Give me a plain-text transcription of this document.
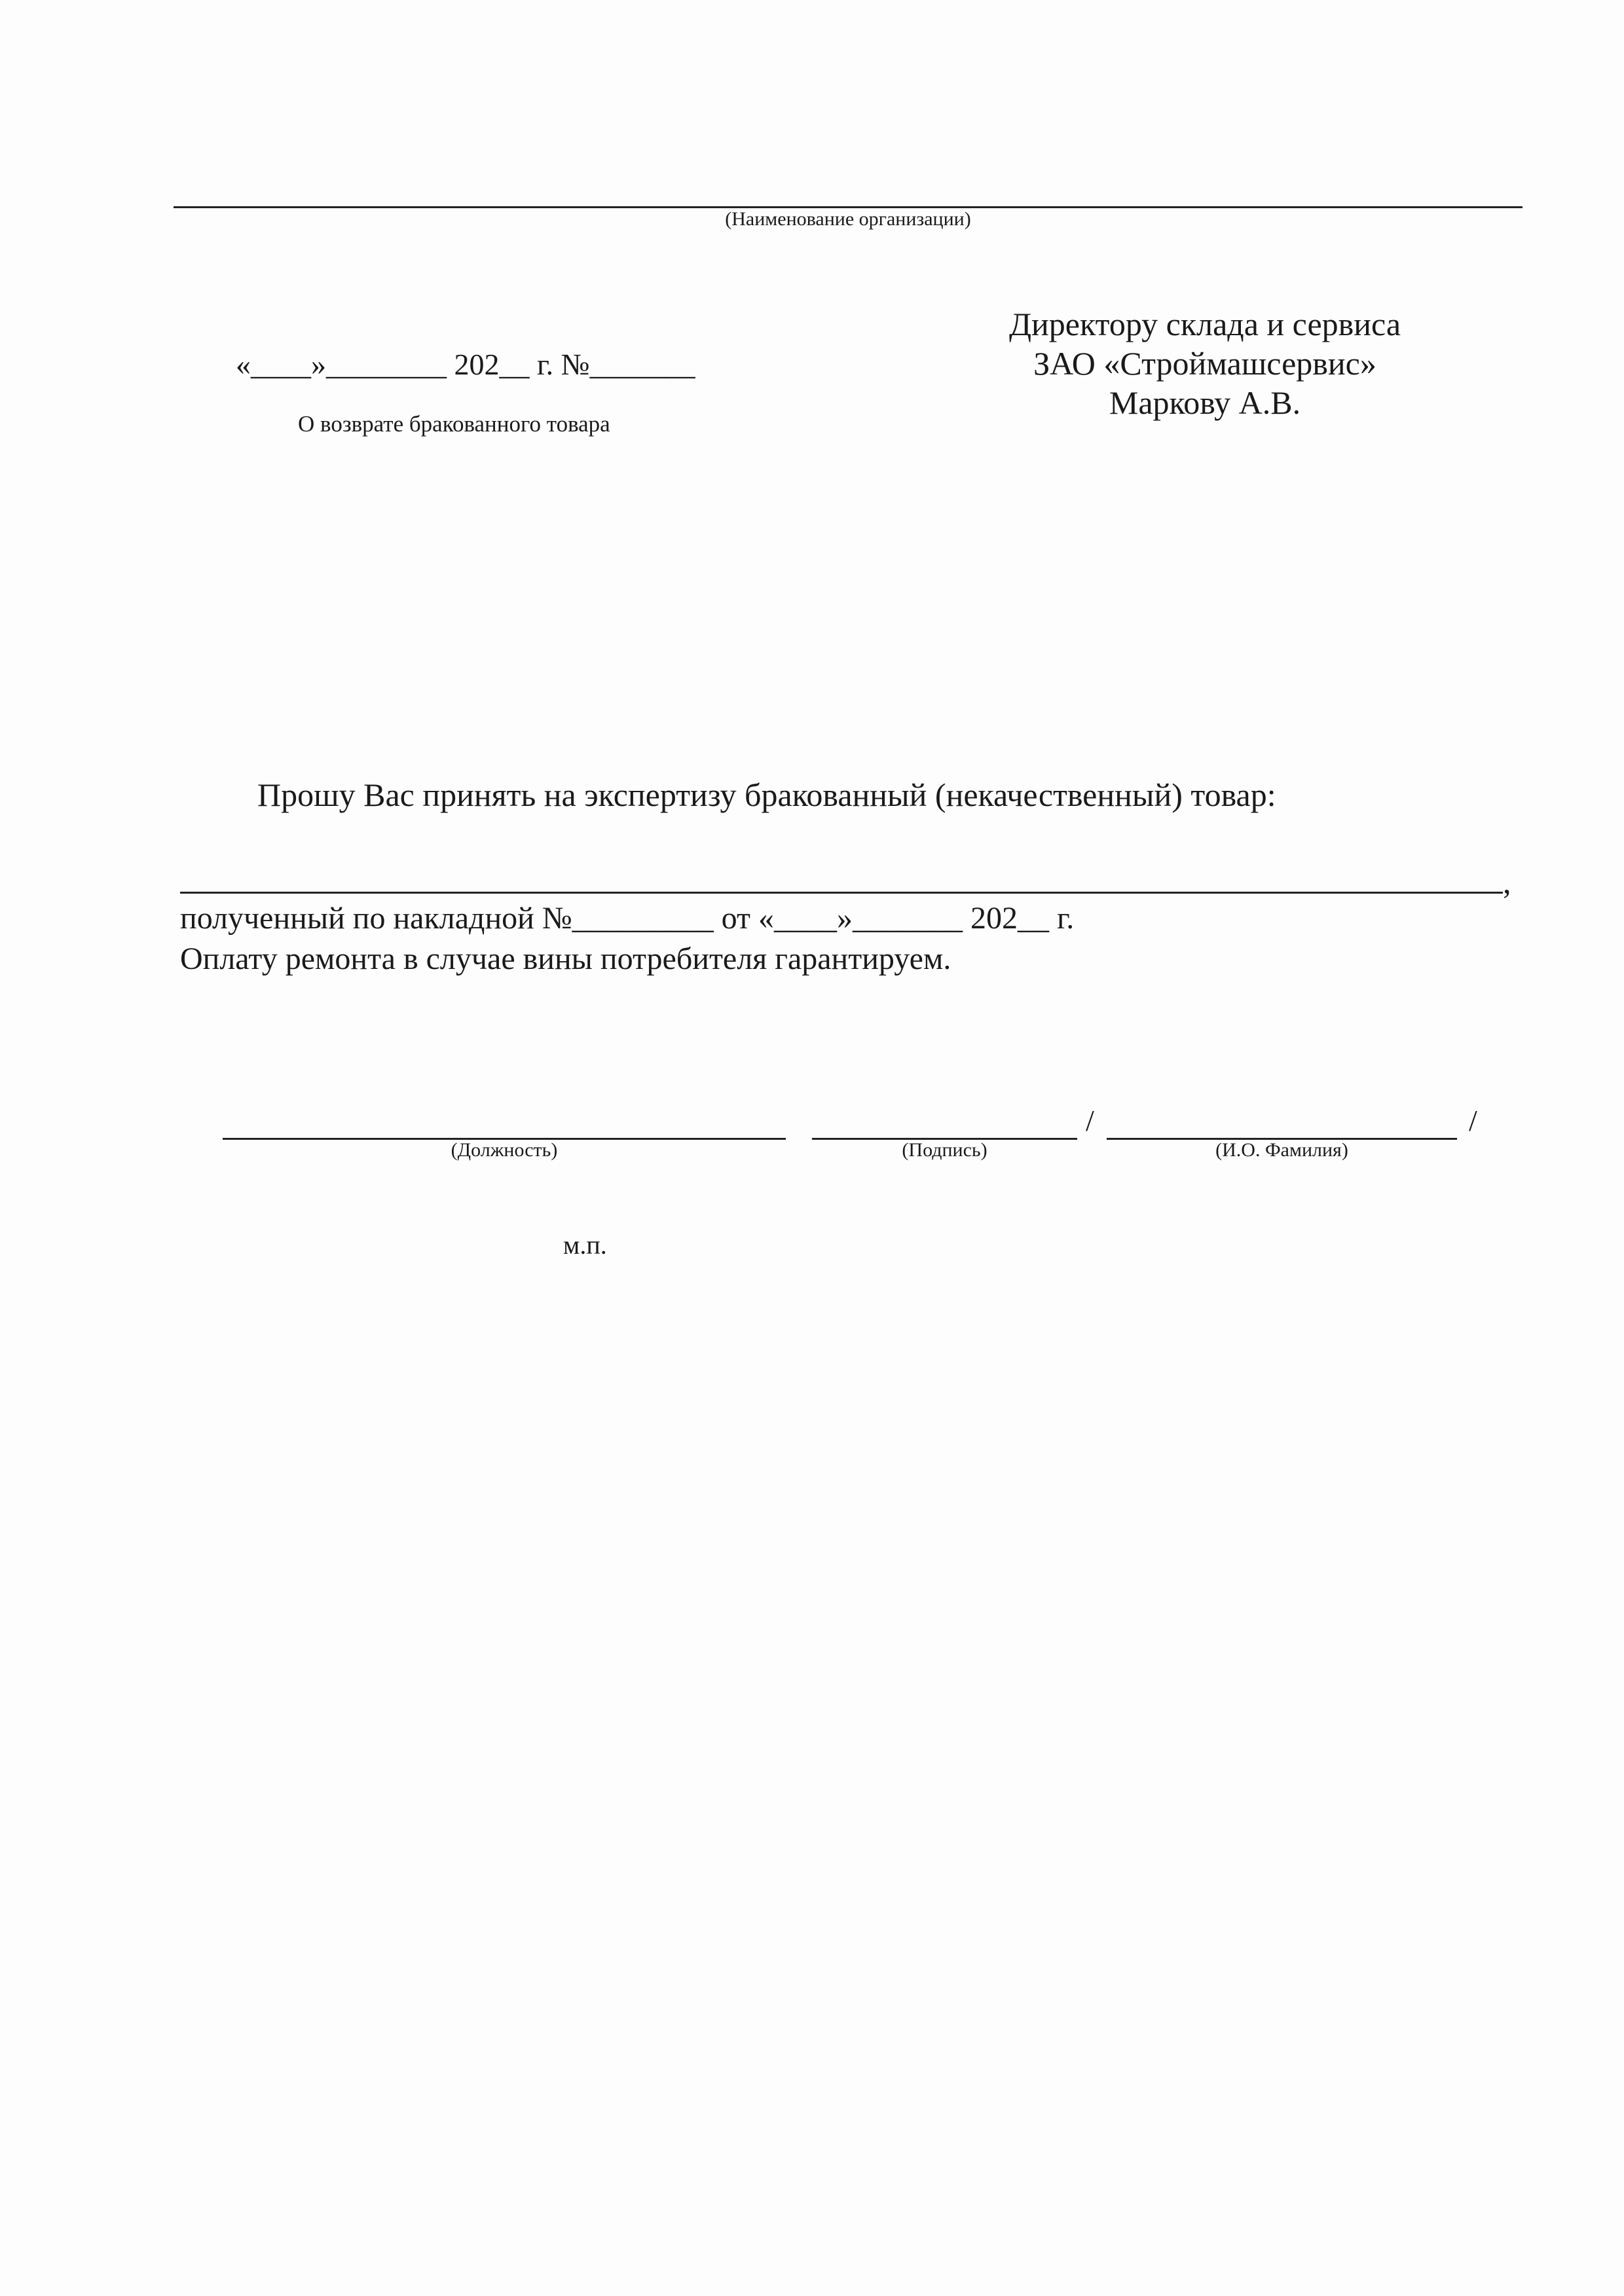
(Наименование организации)
«____»________ 202__ г. №_______
О возврате бракованного товара
Директору склада и сервиса
ЗАО «Строймашсервис»
Маркову А.В.
Прошу Вас принять на экспертизу бракованный (некачественный) товар:
,
полученный по накладной №_________ от «____»_______ 202__ г.
Оплату ремонта в случае вины потребителя гарантируем.
/	/
(Должность)	(Подпись)	(И.О. Фамилия)
м.п.
